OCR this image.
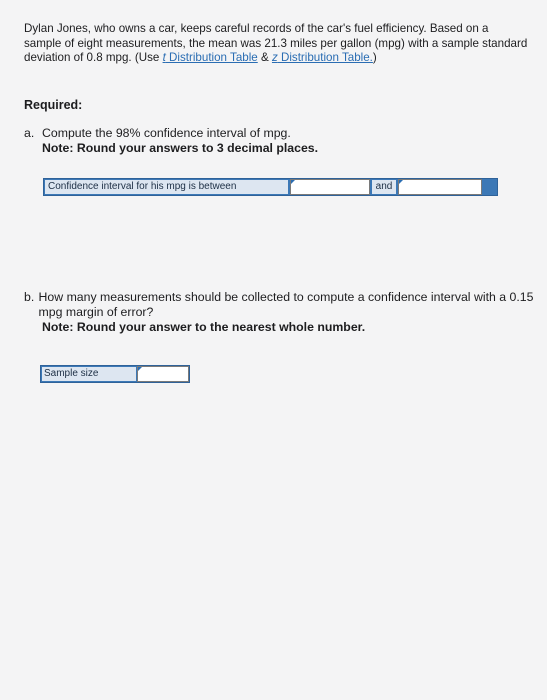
Dylan Jones, who owns a car, keeps careful records of the car's fuel efficiency. Based on a sample of eight measurements, the mean was 21.3 miles per gallon (mpg) with a sample standard deviation of 0.8 mpg. (Use t Distribution Table & z Distribution Table.)
Required:
a. Compute the 98% confidence interval of mpg.
Note: Round your answers to 3 decimal places.
Confidence interval for his mpg is between	and
b. How many measurements should be collected to compute a confidence interval with a 0.15 mpg margin of error?
Note: Round your answer to the nearest whole number.
Sample size
